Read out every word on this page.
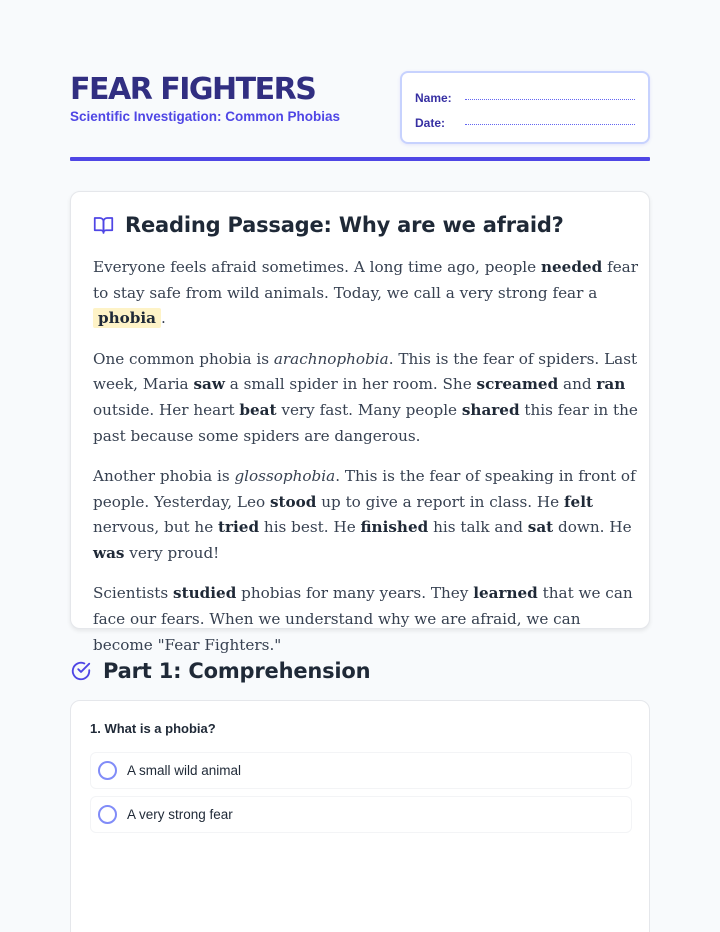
FEAR FIGHTERS
Scientific Investigation: Common Phobias
Name:
Date:
Reading Passage: Why are we afraid?

Everyone feels afraid sometimes. A long time ago, people needed fear to stay safe from wild animals. Today, we call a very strong fear a phobia .

One common phobia is arachnophobia. This is the fear of spiders. Last week, Maria saw a small spider in her room. She screamed and ran outside. Her heart beat very fast. Many people shared this fear in the past because some spiders are dangerous.

Another phobia is glossophobia. This is the fear of speaking in front of people. Yesterday, Leo stood up to give a report in class. He felt nervous, but he tried his best. He finished his talk and sat down. He was very proud!

Scientists studied phobias for many years. They learned that we can face our fears. When we understand why we are afraid, we can become "Fear Fighters."

Part 1: Comprehension
1. What is a phobia?
A small wild animal
A very strong fear
